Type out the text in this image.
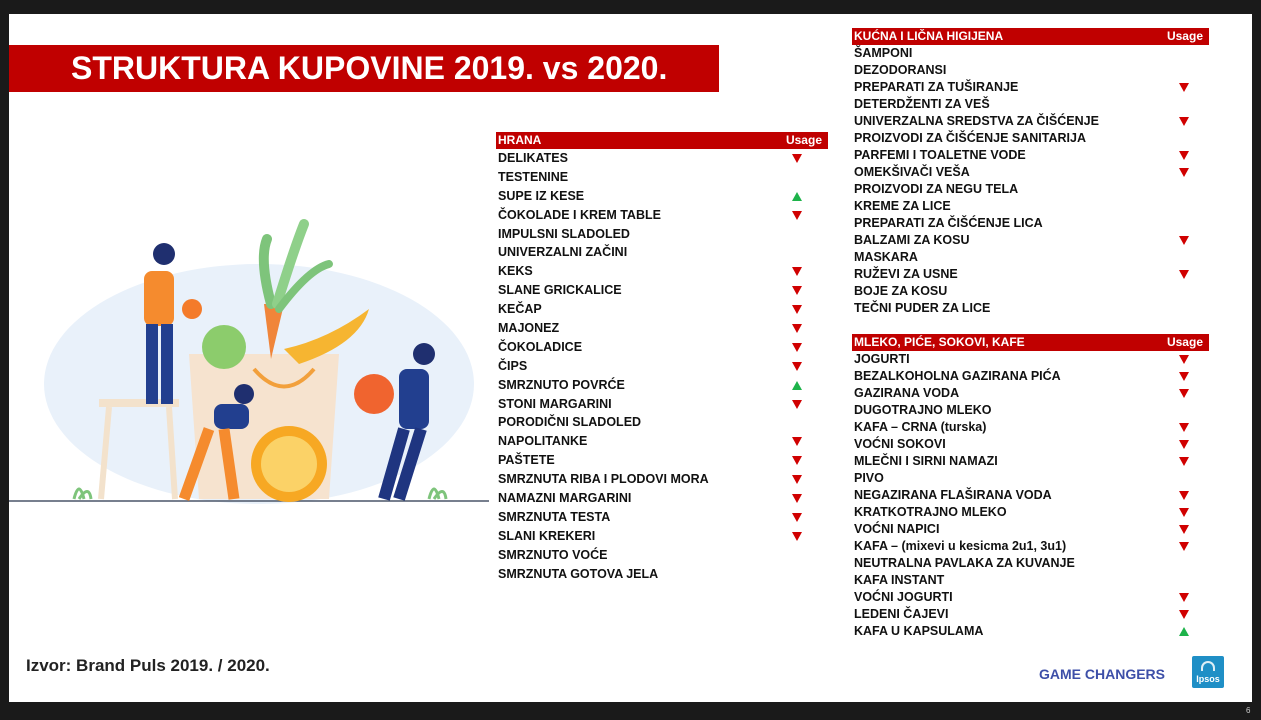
STRUKTURA KUPOVINE 2019. vs 2020.
HRANA	Usage
DELIKATES
TESTENINE
SUPE IZ KESE
ČOKOLADE I KREM TABLE
IMPULSNI SLADOLED
UNIVERZALNI ZAČINI
KEKS
SLANE GRICKALICE
KEČAP
MAJONEZ
ČOKOLADICE
ČIPS
SMRZNUTO POVRĆE
STONI MARGARINI
PORODIČNI SLADOLED
NAPOLITANKE
PAŠTETE
SMRZNUTA RIBA I PLODOVI MORA
NAMAZNI MARGARINI
SMRZNUTA TESTA
SLANI KREKERI
SMRZNUTO VOĆE
SMRZNUTA GOTOVA JELA
KUĆNA I LIČNA HIGIJENA	Usage
ŠAMPONI
DEZODORANSI
PREPARATI ZA TUŠIRANJE
DETERDŽENTI ZA VEŠ
UNIVERZALNA SREDSTVA ZA ČIŠĆENJE
PROIZVODI ZA ČIŠĆENJE SANITARIJA
PARFEMI I TOALETNE VODE
OMEKŠIVAČI VEŠA
PROIZVODI ZA NEGU TELA
KREME ZA LICE
PREPARATI ZA ČIŠĆENJE LICA
BALZAMI ZA KOSU
MASKARA
RUŽEVI ZA USNE
BOJE ZA KOSU
TEČNI PUDER ZA LICE
MLEKO, PIĆE, SOKOVI, KAFE	Usage
JOGURTI
BEZALKOHOLNA GAZIRANA PIĆA
GAZIRANA VODA
DUGOTRAJNO MLEKO
KAFA – CRNA (turska)
VOĆNI SOKOVI
MLEČNI I SIRNI NAMAZI
PIVO
NEGAZIRANA FLAŠIRANA VODA
KRATKOTRAJNO MLEKO
VOĆNI NAPICI
KAFA – (mixevi u kesicma 2u1, 3u1)
NEUTRALNA PAVLAKA ZA KUVANJE
KAFA INSTANT
VOĆNI JOGURTI
LEDENI ČAJEVI
KAFA U KAPSULAMA
Izvor: Brand Puls 2019. / 2020.	GAME CHANGERS	Ipsos
6
